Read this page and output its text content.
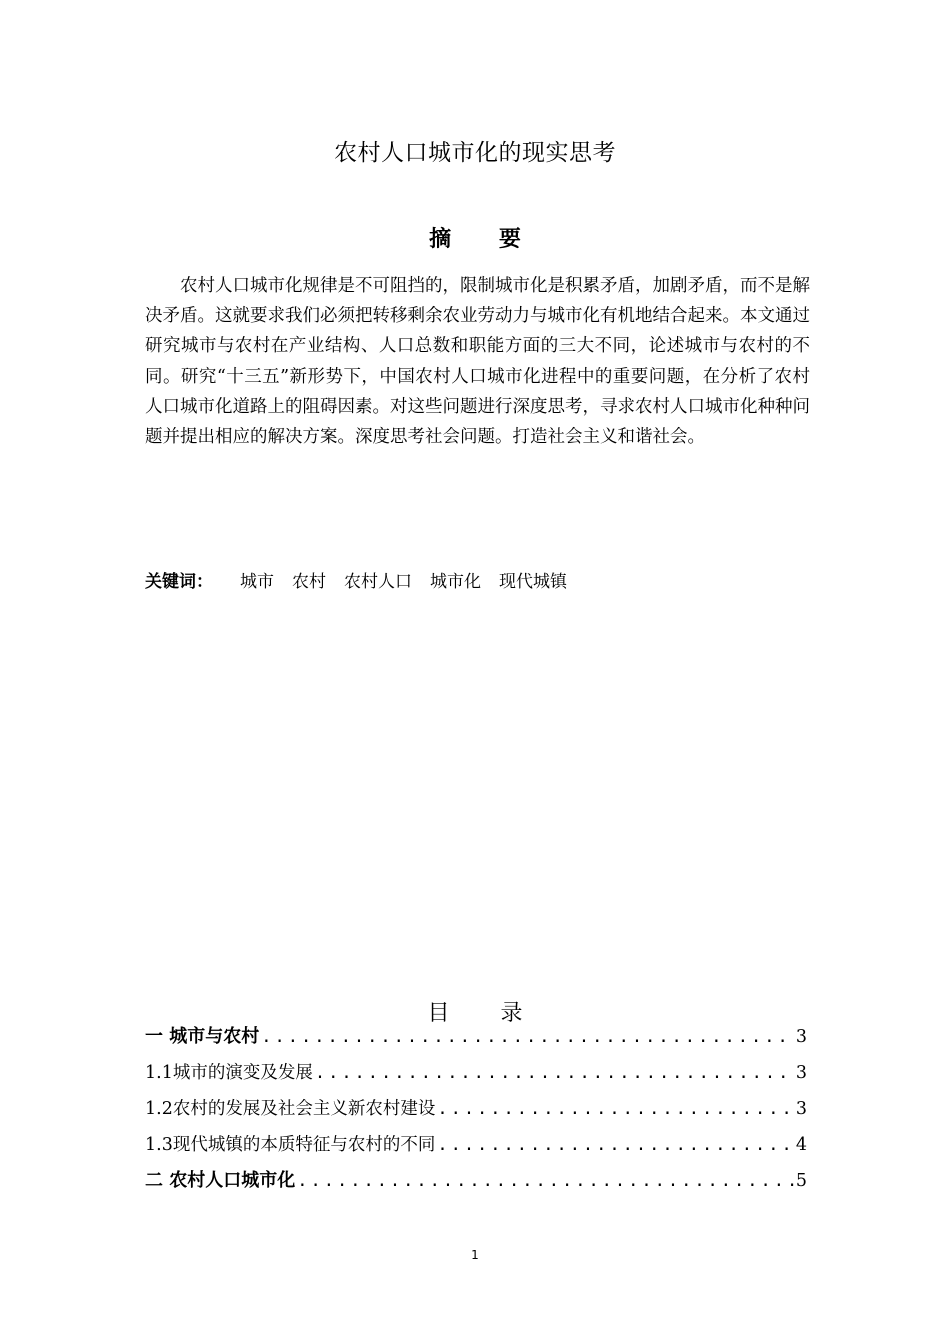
农村人口城市化的现实思考
摘 要

农村人口城市化规律是不可阻挡的，限制城市化是积累矛盾，加剧矛盾，而不是解决矛盾。这就要求我们必须把转移剩余农业劳动力与城市化有机地结合起来。本文通过研究城市与农村在产业结构、人口总数和职能方面的三大不同，论述城市与农村的不同。研究“十三五”新形势下，中国农村人口城市化进程中的重要问题，在分析了农村人口城市化道路上的阻碍因素。对这些问题进行深度思考，寻求农村人口城市化种种问题并提出相应的解决方案。深度思考社会问题。打造社会主义和谐社会。

关键词：	城市 农村 农村人口 城市化 现代城镇
目 录
一 城市与农村 .....	3
1.1城市的演变及发展 .....	3
1.2农村的发展及社会主义新农村建设 .....	3
1.3现代城镇的本质特征与农村的不同 .....	4
二 农村人口城市化 .....	5
1
